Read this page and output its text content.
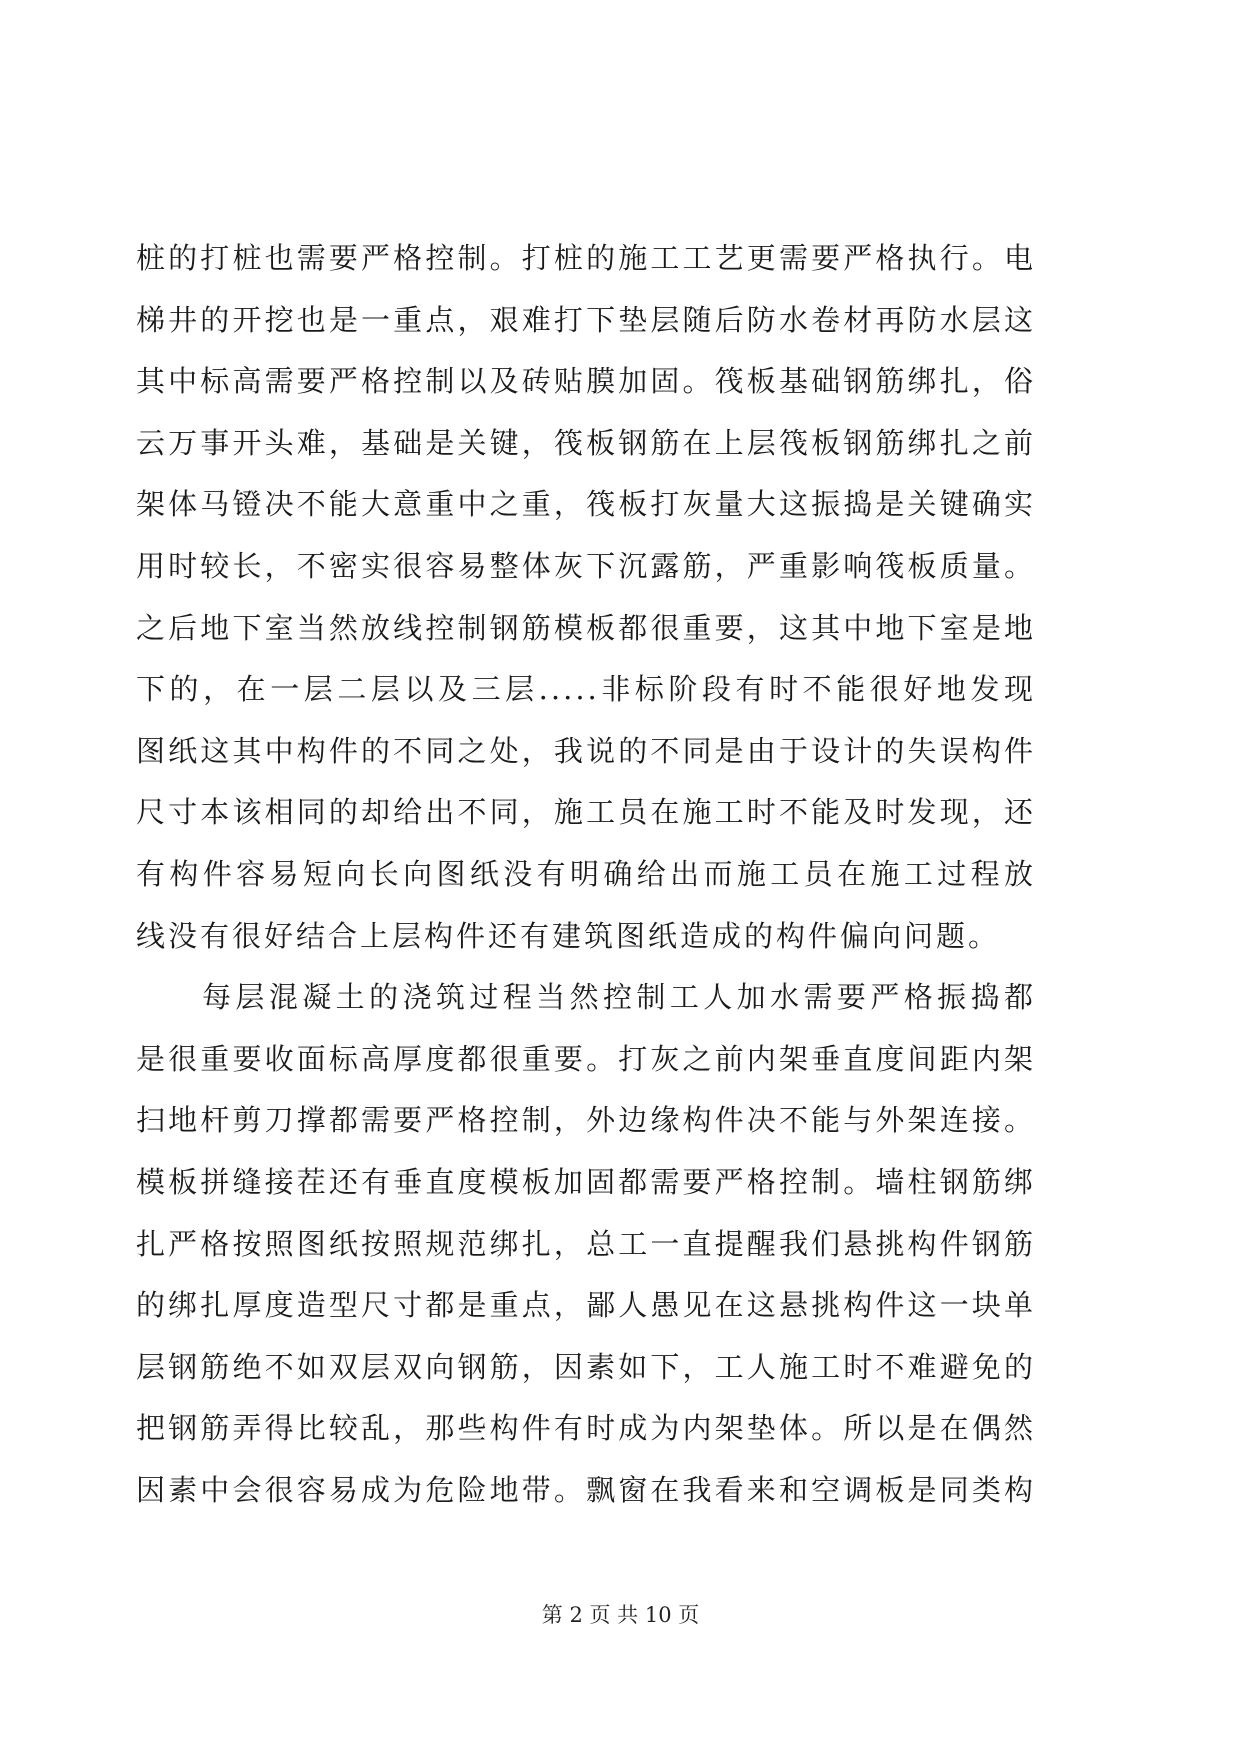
桩的打桩也需要严格控制。打桩的施工工艺更需要严格执行。电
梯井的开挖也是一重点，艰难打下垫层随后防水卷材再防水层这
其中标高需要严格控制以及砖贴膜加固。筏板基础钢筋绑扎，俗
云万事开头难，基础是关键，筏板钢筋在上层筏板钢筋绑扎之前
架体马镫决不能大意重中之重，筏板打灰量大这振捣是关键确实
用时较长，不密实很容易整体灰下沉露筋，严重影响筏板质量。
之后地下室当然放线控制钢筋模板都很重要，这其中地下室是地
下的，在一层二层以及三层.....非标阶段有时不能很好地发现
图纸这其中构件的不同之处，我说的不同是由于设计的失误构件
尺寸本该相同的却给出不同，施工员在施工时不能及时发现，还
有构件容易短向长向图纸没有明确给出而施工员在施工过程放
线没有很好结合上层构件还有建筑图纸造成的构件偏向问题。
每层混凝土的浇筑过程当然控制工人加水需要严格振捣都
是很重要收面标高厚度都很重要。打灰之前内架垂直度间距内架
扫地杆剪刀撑都需要严格控制，外边缘构件决不能与外架连接。
模板拼缝接茬还有垂直度模板加固都需要严格控制。墙柱钢筋绑
扎严格按照图纸按照规范绑扎，总工一直提醒我们悬挑构件钢筋
的绑扎厚度造型尺寸都是重点，鄙人愚见在这悬挑构件这一块单
层钢筋绝不如双层双向钢筋，因素如下，工人施工时不难避免的
把钢筋弄得比较乱，那些构件有时成为内架垫体。所以是在偶然
因素中会很容易成为危险地带。飘窗在我看来和空调板是同类构
第 2 页 共 10 页
